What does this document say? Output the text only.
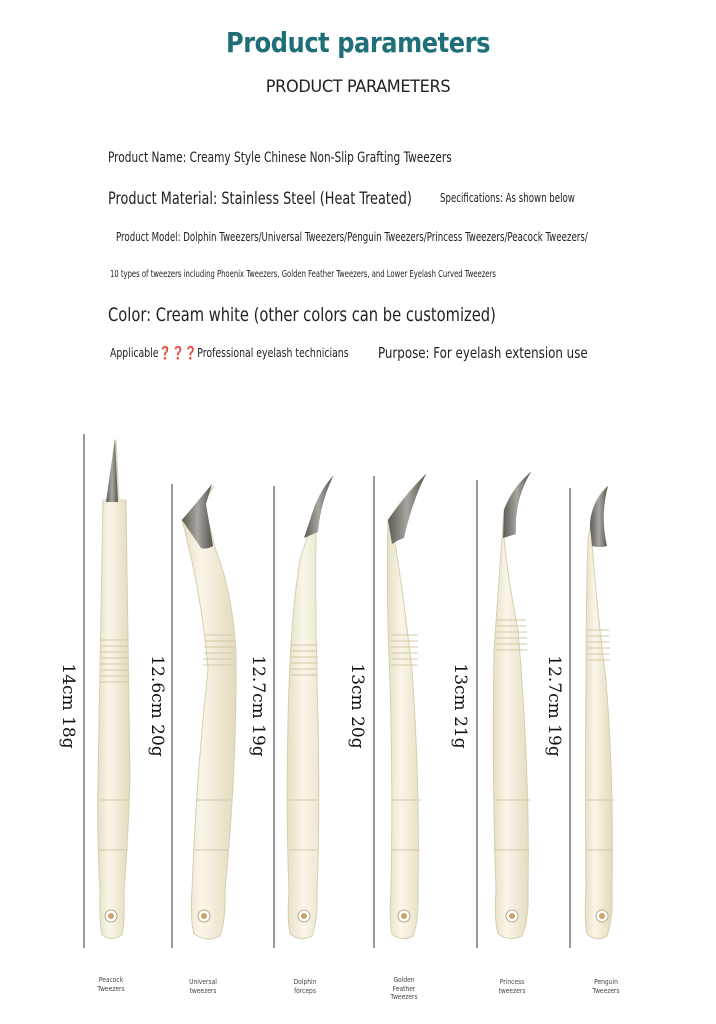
Product parameters
PRODUCT PARAMETERS
Product Name: Creamy Style Chinese Non-Slip Grafting Tweezers
Product Material: Stainless Steel (Heat Treated) Specifications: As shown below
Product Model: Dolphin Tweezers/Universal Tweezers/Penguin Tweezers/Princess Tweezers/Peacock Tweezers/
10 types of tweezers including Phoenix Tweezers, Golden Feather Tweezers, and Lower Eyelash Curved Tweezers
Color: Cream white (other colors can be customized)
Applicable❓❓❓Professional eyelash technicians Purpose: For eyelash extension use
14cm 18g	12.6cm 20g	12.7cm 19g	13cm 20g	13cm 21g	12.7cm 19g
Peacock
Tweezers
Universal
tweezers
Dolphin
forceps
Golden
Feather
Tweezers
Princess
tweezers
Penguin
Tweezers
